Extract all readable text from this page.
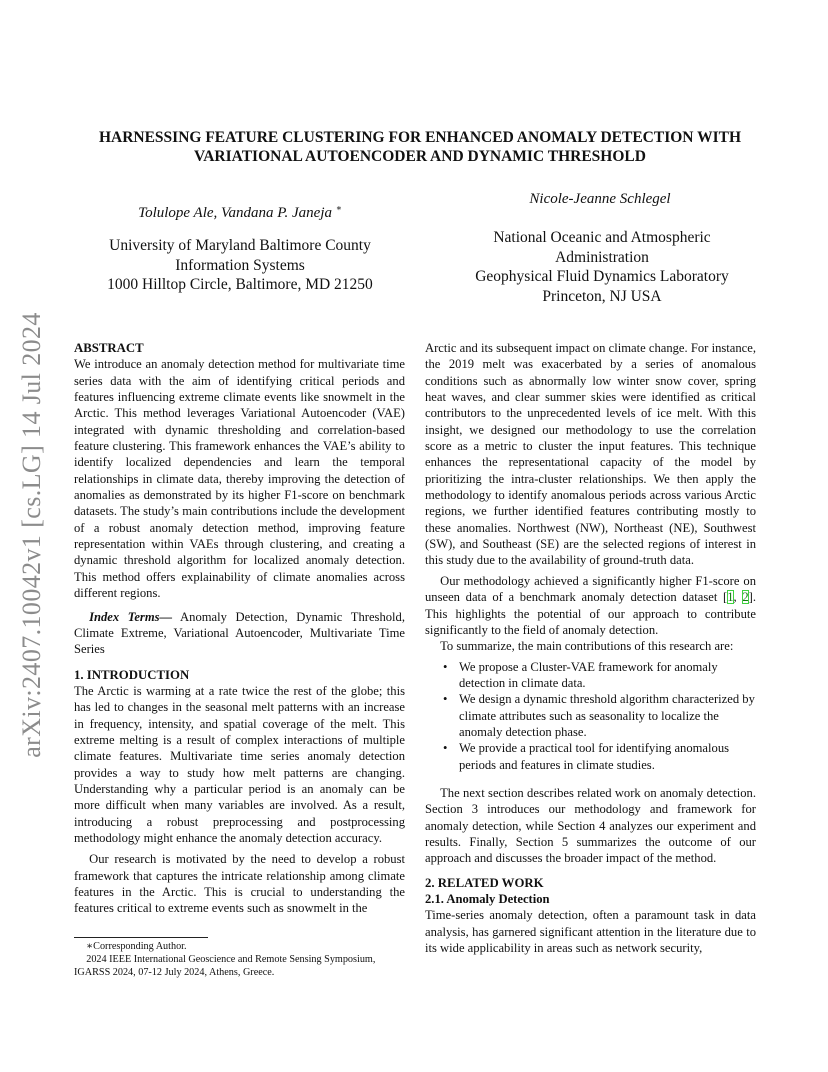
arXiv:2407.10042v1 [cs.LG] 14 Jul 2024
HARNESSING FEATURE CLUSTERING FOR ENHANCED ANOMALY DETECTION WITH
VARIATIONAL AUTOENCODER AND DYNAMIC THRESHOLD
Tolulope Ale, Vandana P. Janeja ∗
Nicole-Jeanne Schlegel
University of Maryland Baltimore County
Information Systems
1000 Hilltop Circle, Baltimore, MD 21250
National Oceanic and Atmospheric
Administration
Geophysical Fluid Dynamics Laboratory
Princeton, NJ USA

ABSTRACT

We introduce an anomaly detection method for multivariate time series data with the aim of identifying critical periods and features influencing extreme climate events like snowmelt in the Arctic. This method leverages Variational Autoencoder (VAE) integrated with dynamic thresholding and correlation-based feature clustering. This framework enhances the VAE’s ability to identify localized dependencies and learn the temporal relationships in climate data, thereby improving the detection of anomalies as demonstrated by its higher F1-score on benchmark datasets. The study’s main contributions include the development of a robust anomaly detection method, improving feature representation within VAEs through clustering, and creating a dynamic threshold algorithm for localized anomaly detection. This method offers explainability of climate anomalies across different regions.

Index Terms— Anomaly Detection, Dynamic Threshold, Climate Extreme, Variational Autoencoder, Multivariate Time Series

1. INTRODUCTION

The Arctic is warming at a rate twice the rest of the globe; this has led to changes in the seasonal melt patterns with an increase in frequency, intensity, and spatial coverage of the melt. This extreme melting is a result of complex interactions of multiple climate features. Multivariate time series anomaly detection provides a way to study how melt patterns are changing. Understanding why a particular period is an anomaly can be more difficult when many variables are involved. As a result, introducing a robust preprocessing and postprocessing methodology might enhance the anomaly detection accuracy.

Our research is motivated by the need to develop a robust framework that captures the intricate relationship among climate features in the Arctic. This is crucial to understanding the features critical to extreme events such as snowmelt in the

∗Corresponding Author.

2024 IEEE International Geoscience and Remote Sensing Symposium, IGARSS 2024, 07-12 July 2024, Athens, Greece.

Arctic and its subsequent impact on climate change. For instance, the 2019 melt was exacerbated by a series of anomalous conditions such as abnormally low winter snow cover, spring heat waves, and clear summer skies were identified as critical contributors to the unprecedented levels of ice melt. With this insight, we designed our methodology to use the correlation score as a metric to cluster the input features. This technique enhances the representational capacity of the model by prioritizing the intra-cluster relationships. We then apply the methodology to identify anomalous periods across various Arctic regions, we further identified features contributing mostly to these anomalies. Northwest (NW), Northeast (NE), Southwest (SW), and Southeast (SE) are the selected regions of interest in this study due to the availability of ground-truth data.

Our methodology achieved a significantly higher F1-score on unseen data of a benchmark anomaly detection dataset [1, 2]. This highlights the potential of our approach to contribute significantly to the field of anomaly detection.

To summarize, the main contributions of this research are:

• We propose a Cluster-VAE framework for anomaly detection in climate data.
• We design a dynamic threshold algorithm characterized by climate attributes such as seasonality to localize the anomaly detection phase.
• We provide a practical tool for identifying anomalous periods and features in climate studies.

The next section describes related work on anomaly detection. Section 3 introduces our methodology and framework for anomaly detection, while Section 4 analyzes our experiment and results. Finally, Section 5 summarizes the outcome of our approach and discusses the broader impact of the method.

2. RELATED WORK

2.1. Anomaly Detection

Time-series anomaly detection, often a paramount task in data analysis, has garnered significant attention in the literature due to its wide applicability in areas such as network security,
